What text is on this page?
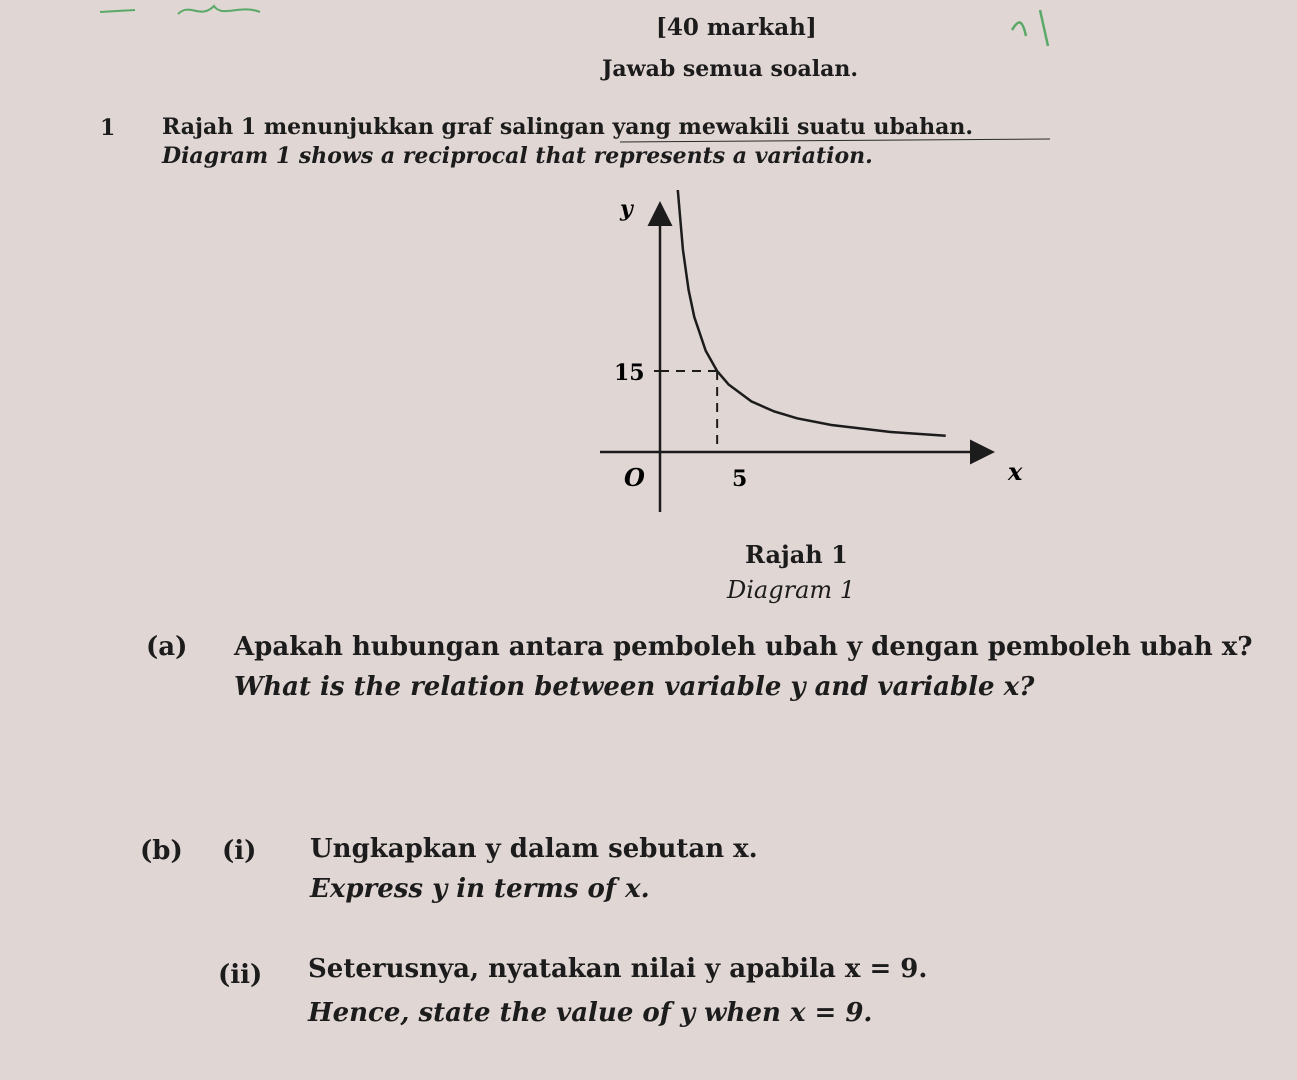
[40 markah]
Jawab semua soalan.
1 Rajah 1 menunjukkan graf salingan yang mewakili suatu ubahan.
Diagram 1 shows a reciprocal that represents a variation.
y
x
O
15
5
Rajah 1
Diagram 1
(a) Apakah hubungan antara pemboleh ubah y dengan pemboleh ubah x?
What is the relation between variable y and variable x?
(b) (i) Ungkapkan y dalam sebutan x.
Express y in terms of x.
(ii) Seterusnya, nyatakan nilai y apabila x = 9.
Hence, state the value of y when x = 9.
